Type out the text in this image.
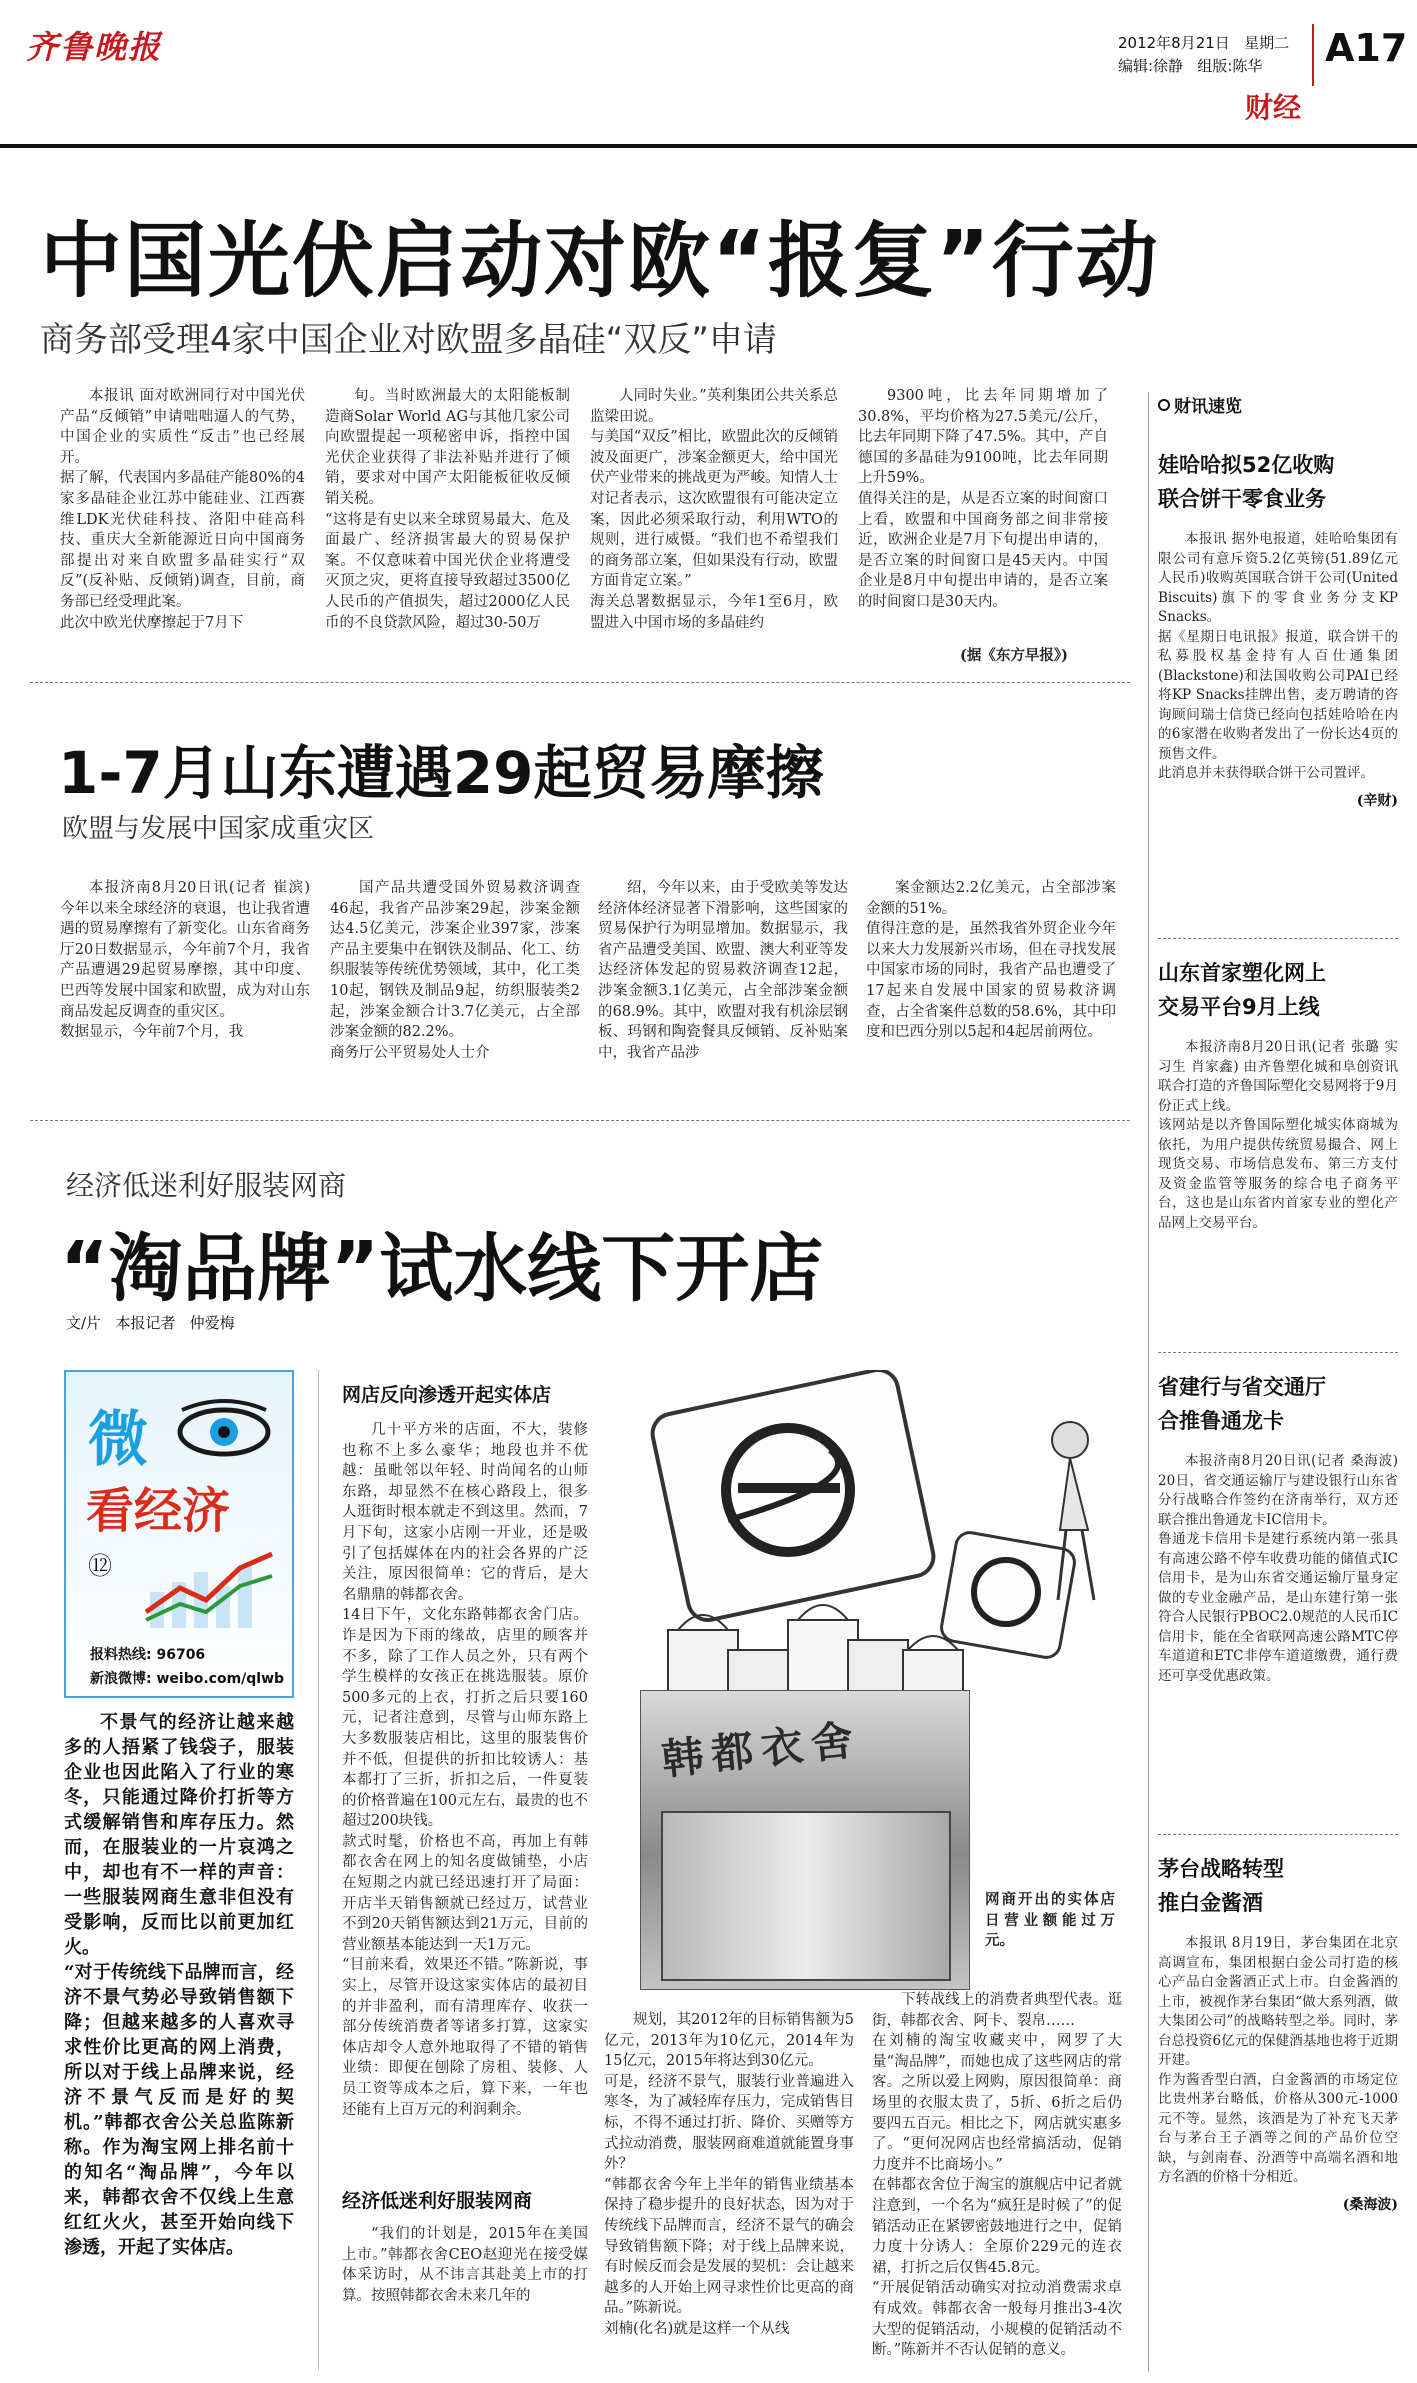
齐鲁晚报	2012年8月21日   星期二
编辑:徐静   组版:陈华 A17
财经
中国光伏启动对欧“报复”行动
商务部受理4家中国企业对欧盟多晶硅“双反”申请

本报讯 面对欧洲同行对中国光伏产品“反倾销”申请咄咄逼人的气势，中国企业的实质性“反击”也已经展开。
据了解，代表国内多晶硅产能80%的4家多晶硅企业江苏中能硅业、江西赛维LDK光伏硅科技、洛阳中硅高科技、重庆大全新能源近日向中国商务部提出对来自欧盟多晶硅实行“双反”(反补贴、反倾销)调查，目前，商务部已经受理此案。
此次中欧光伏摩擦起于7月下

旬。当时欧洲最大的太阳能板制造商Solar World AG与其他几家公司向欧盟提起一项秘密申诉，指控中国光伏企业获得了非法补贴并进行了倾销，要求对中国产太阳能板征收反倾销关税。
“这将是有史以来全球贸易最大、危及面最广、经济损害最大的贸易保护案。不仅意味着中国光伏企业将遭受灭顶之灾，更将直接导致超过3500亿人民币的产值损失，超过2000亿人民币的不良贷款风险，超过30-50万

人同时失业。”英利集团公共关系总监梁田说。
与美国“双反”相比，欧盟此次的反倾销波及面更广，涉案金额更大，给中国光伏产业带来的挑战更为严峻。知情人士对记者表示，这次欧盟很有可能决定立案，因此必须采取行动，利用WTO的规则，进行威慑。“我们也不希望我们的商务部立案，但如果没有行动，欧盟方面肯定立案。”
海关总署数据显示，今年1至6月，欧盟进入中国市场的多晶硅约

9300吨，比去年同期增加了30.8%，平均价格为27.5美元/公斤，比去年同期下降了47.5%。其中，产自德国的多晶硅为9100吨，比去年同期上升59%。
值得关注的是，从是否立案的时间窗口上看，欧盟和中国商务部之间非常接近，欧洲企业是7月下旬提出申请的，是否立案的时间窗口是45天内。中国企业是8月中旬提出申请的，是否立案的时间窗口是30天内。

(据《东方早报》)
1-7月山东遭遇29起贸易摩擦
欧盟与发展中国家成重灾区

本报济南8月20日讯(记者 崔滨) 今年以来全球经济的衰退，也让我省遭遇的贸易摩擦有了新变化。山东省商务厅20日数据显示，今年前7个月，我省产品遭遇29起贸易摩擦，其中印度、巴西等发展中国家和欧盟，成为对山东商品发起反调查的重灾区。
数据显示，今年前7个月，我

国产品共遭受国外贸易救济调查46起，我省产品涉案29起，涉案金额达4.5亿美元，涉案企业397家，涉案产品主要集中在钢铁及制品、化工、纺织服装等传统优势领域，其中，化工类10起，钢铁及制品9起，纺织服装类2起，涉案金额合计3.7亿美元，占全部涉案金额的82.2%。
商务厅公平贸易处人士介

绍，今年以来，由于受欧美等发达经济体经济显著下滑影响，这些国家的贸易保护行为明显增加。数据显示，我省产品遭受美国、欧盟、澳大利亚等发达经济体发起的贸易救济调查12起，涉案金额3.1亿美元，占全部涉案金额的68.9%。其中，欧盟对我有机涂层钢板、玛钢和陶瓷餐具反倾销、反补贴案中，我省产品涉

案金额达2.2亿美元，占全部涉案金额的51%。
值得注意的是，虽然我省外贸企业今年以来大力发展新兴市场，但在寻找发展中国家市场的同时，我省产品也遭受了17起来自发展中国家的贸易救济调查，占全省案件总数的58.6%，其中印度和巴西分别以5起和4起居前两位。

经济低迷利好服装网商
“淘品牌”试水线下开店
文/片   本报记者   仲爱梅
微
看经济
⑫
报料热线: 96706
新浪微博: weibo.com/qlwb

不景气的经济让越来越多的人捂紧了钱袋子，服装企业也因此陷入了行业的寒冬，只能通过降价打折等方式缓解销售和库存压力。然而，在服装业的一片哀鸿之中，却也有不一样的声音：一些服装网商生意非但没有受影响，反而比以前更加红火。
“对于传统线下品牌而言，经济不景气势必导致销售额下降；但越来越多的人喜欢寻求性价比更高的网上消费，所以对于线上品牌来说，经济不景气反而是好的契机。”韩都衣舍公关总监陈新称。作为淘宝网上排名前十的知名“淘品牌”，今年以来，韩都衣舍不仅线上生意红红火火，甚至开始向线下渗透，开起了实体店。

网店反向渗透开起实体店

几十平方米的店面，不大，装修也称不上多么豪华；地段也并不优越：虽毗邻以年轻、时尚闻名的山师东路，却显然不在核心路段上，很多人逛街时根本就走不到这里。然而，7月下旬，这家小店刚一开业，还是吸引了包括媒体在内的社会各界的广泛关注，原因很简单：它的背后，是大名鼎鼎的韩都衣舍。
14日下午，文化东路韩都衣舍门店。诈是因为下雨的缘故，店里的顾客并不多，除了工作人员之外，只有两个学生模样的女孩正在挑选服装。原价500多元的上衣，打折之后只要160元，记者注意到，尽管与山师东路上大多数服装店相比，这里的服装售价并不低，但提供的折扣比较诱人：基本都打了三折，折扣之后，一件夏装的价格普遍在100元左右，最贵的也不超过200块钱。
款式时髦，价格也不高，再加上有韩都衣舍在网上的知名度做铺垫，小店在短期之内就已经迅速打开了局面：开店半天销售额就已经过万，试营业不到20天销售额达到21万元，目前的营业额基本能达到一天1万元。
“目前来看，效果还不错。”陈新说，事实上，尽管开设这家实体店的最初目的并非盈利，而有清理库存、收获一部分传统消费者等诸多打算，这家实体店却令人意外地取得了不错的销售业绩：即便在刨除了房租、装修、人员工资等成本之后，算下来，一年也还能有上百万元的利润剩余。

经济低迷利好服装网商

“我们的计划是，2015年在美国上市。”韩都衣舍CEO赵迎光在接受媒体采访时，从不讳言其赴美上市的打算。按照韩都衣舍未来几年的

韩都衣舍
网商开出的实体店日营业额能过万元。

规划，其2012年的目标销售额为5亿元，2013年为10亿元，2014年为15亿元，2015年将达到30亿元。
可是，经济不景气，服装行业普遍进入寒冬，为了减轻库存压力，完成销售目标，不得不通过打折、降价、买赠等方式拉动消费，服装网商难道就能置身事外？
“韩都衣舍今年上半年的销售业绩基本保持了稳步提升的良好状态，因为对于传统线下品牌而言，经济不景气的确会导致销售额下降；对于线上品牌来说，有时候反而会是发展的契机：会让越来越多的人开始上网寻求性价比更高的商品。”陈新说。
刘楠(化名)就是这样一个从线

下转战线上的消费者典型代表。逛街，韩都衣舍、阿卡、裂帛……
在刘楠的淘宝收藏夹中，网罗了大量“淘品牌”，而她也成了这些网店的常客。之所以爱上网购，原因很简单：商场里的衣服太贵了，5折、6折之后仍要四五百元。相比之下，网店就实惠多了。“更何况网店也经常搞活动，促销力度并不比商场小。”
在韩都衣舍位于淘宝的旗舰店中记者就注意到，一个名为“疯狂是时候了”的促销活动正在紧锣密鼓地进行之中，促销力度十分诱人：全原价229元的连衣裙，打折之后仅售45.8元。
“开展促销活动确实对拉动消费需求卓有成效。韩都衣舍一般每月推出3-4次大型的促销活动，小规模的促销活动不断。”陈新并不否认促销的意义。

财讯速览
娃哈哈拟52亿收购
联合饼干零食业务

本报讯 据外电报道，娃哈哈集团有限公司有意斥资5.2亿英镑(51.89亿元人民币)收购英国联合饼干公司(United Biscuits)旗下的零食业务分支KP Snacks。
据《星期日电讯报》报道，联合饼干的私募股权基金持有人百仕通集团(Blackstone)和法国收购公司PAI已经将KP Snacks挂牌出售，麦万聘请的咨询顾问瑞士信贷已经向包括娃哈哈在内的6家潜在收购者发出了一份长达4页的预售文件。
此消息并未获得联合饼干公司置评。

(辛财)
山东首家塑化网上
交易平台9月上线

本报济南8月20日讯(记者 张璐 实习生 肖家鑫) 由齐鲁塑化城和阜创资讯联合打造的齐鲁国际塑化交易网将于9月份正式上线。
该网站是以齐鲁国际塑化城实体商城为依托，为用户提供传统贸易撮合、网上现货交易、市场信息发布、第三方支付及资金监管等服务的综合电子商务平台，这也是山东省内首家专业的塑化产品网上交易平台。

省建行与省交通厅
合推鲁通龙卡

本报济南8月20日讯(记者 桑海波) 20日，省交通运输厅与建设银行山东省分行战略合作签约在济南举行，双方还联合推出鲁通龙卡IC信用卡。
鲁通龙卡信用卡是建行系统内第一张具有高速公路不停车收费功能的储值式IC信用卡，是为山东省交通运输厅量身定做的专业金融产品，是山东建行第一张符合人民银行PBOC2.0规范的人民币IC信用卡，能在全省联网高速公路MTC停车道道和ETC非停车道道缴费，通行费还可享受优惠政策。

茅台战略转型
推白金酱酒

本报讯 8月19日，茅台集团在北京高调宣布，集团根据白金公司打造的核心产品白金酱酒正式上市。白金酱酒的上市，被视作茅台集团“做大系列酒，做大集团公司”的战略转型之举。同时，茅台总投资6亿元的保健酒基地也将于近期开建。
作为酱香型白酒，白金酱酒的市场定位比贵州茅台略低，价格从300元-1000元不等。显然，该酒是为了补充飞天茅台与茅台王子酒等之间的产品价位空缺，与剑南春、汾酒等中高端名酒和地方名酒的价格十分相近。

(桑海波)
